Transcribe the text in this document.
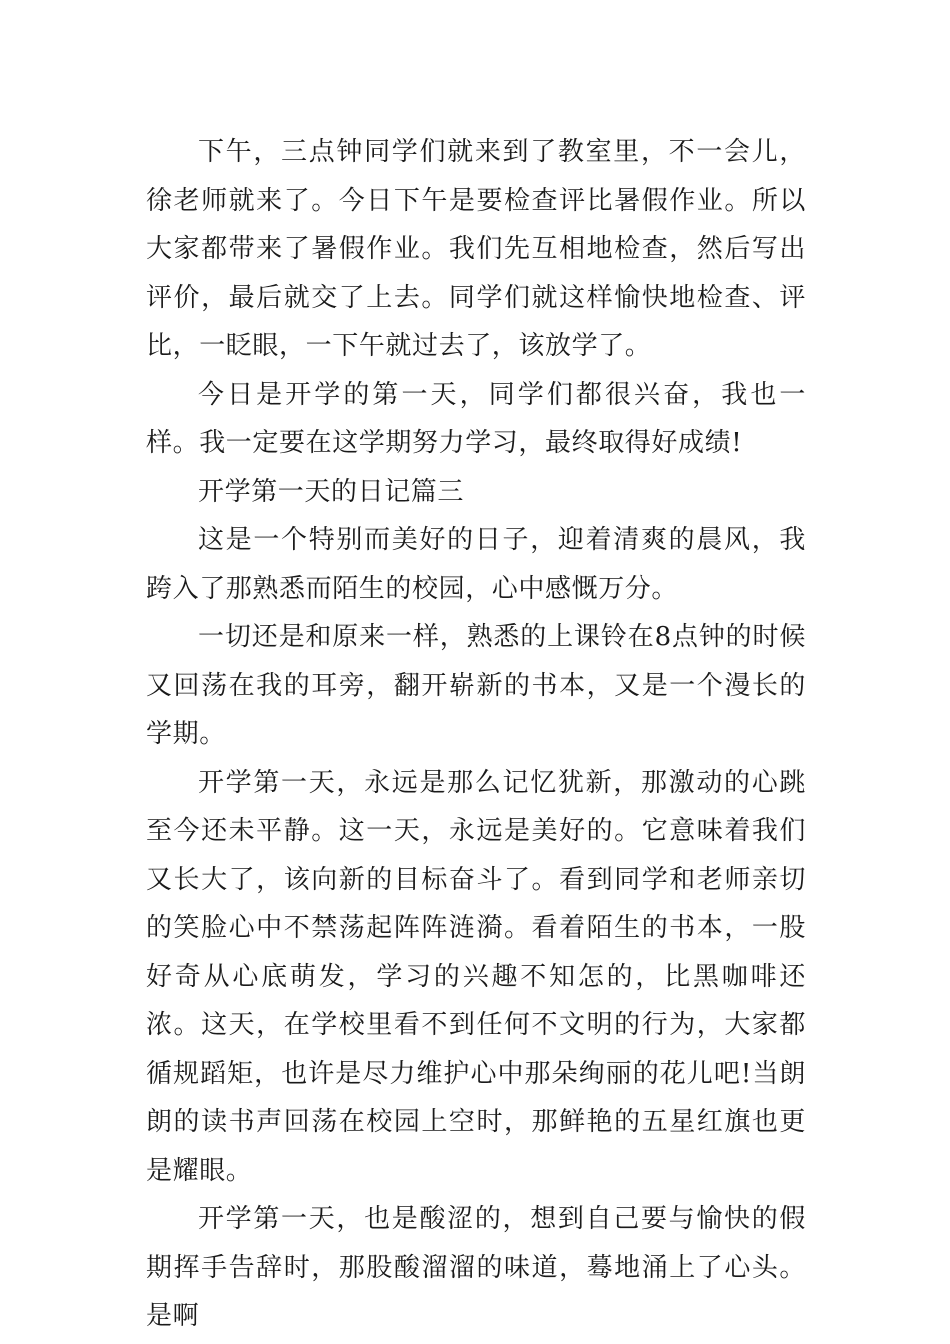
下午，三点钟同学们就来到了教室里，不一会儿，徐老师就来了。今日下午是要检查评比暑假作业。所以大家都带来了暑假作业。我们先互相地检查，然后写出评价，最后就交了上去。同学们就这样愉快地检查、评比，一眨眼，一下午就过去了，该放学了。

今日是开学的第一天，同学们都很兴奋，我也一样。我一定要在这学期努力学习，最终取得好成绩!

开学第一天的日记篇三

这是一个特别而美好的日子，迎着清爽的晨风，我跨入了那熟悉而陌生的校园，心中感慨万分。

一切还是和原来一样，熟悉的上课铃在8点钟的时候又回荡在我的耳旁，翻开崭新的书本，又是一个漫长的学期。

开学第一天，永远是那么记忆犹新，那激动的心跳至今还未平静。这一天，永远是美好的。它意味着我们又长大了，该向新的目标奋斗了。看到同学和老师亲切的笑脸心中不禁荡起阵阵涟漪。看着陌生的书本，一股好奇从心底萌发，学习的兴趣不知怎的，比黑咖啡还浓。这天，在学校里看不到任何不文明的行为，大家都循规蹈矩，也许是尽力维护心中那朵绚丽的花儿吧!当朗朗的读书声回荡在校园上空时，那鲜艳的五星红旗也更是耀眼。

开学第一天，也是酸涩的，想到自己要与愉快的假期挥手告辞时，那股酸溜溜的味道，蓦地涌上了心头。是啊
